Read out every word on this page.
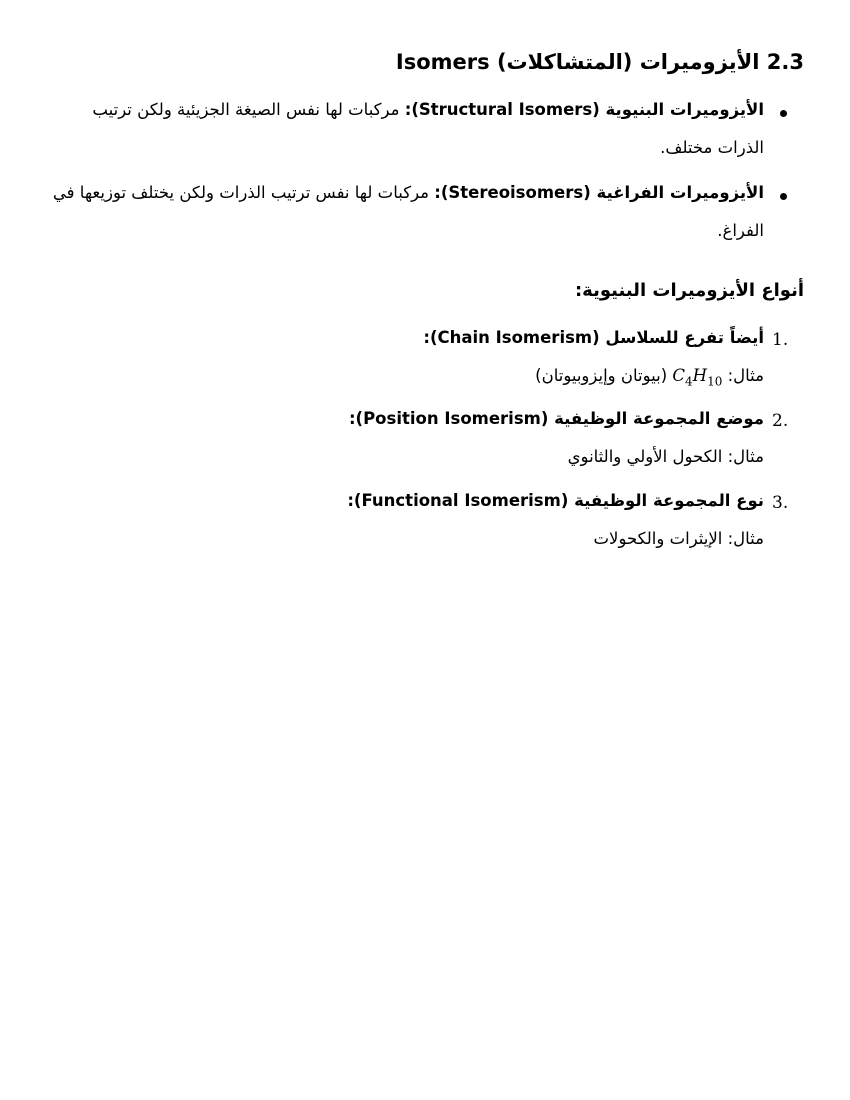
2.3 الأيزوميرات (المتشاكلات) Isomers
الأيزوميرات البنيوية (Structural Isomers): مركبات لها نفس الصيغة الجزيئية ولكن ترتيب
الذرات مختلف.
الأيزوميرات الفراغية (Stereoisomers): مركبات لها نفس ترتيب الذرات ولكن يختلف توزيعها في
الفراغ.
أنواع الأيزوميرات البنيوية:
1.
أيضاً تفرع للسلاسل (Chain Isomerism):
مثال: $C_4H_{10}$ (بيوتان وإيزوبيوتان)
2.
موضع المجموعة الوظيفية (Position Isomerism):
مثال: الكحول الأولي والثانوي
3.
نوع المجموعة الوظيفية (Functional Isomerism):
مثال: الإيثرات والكحولات
